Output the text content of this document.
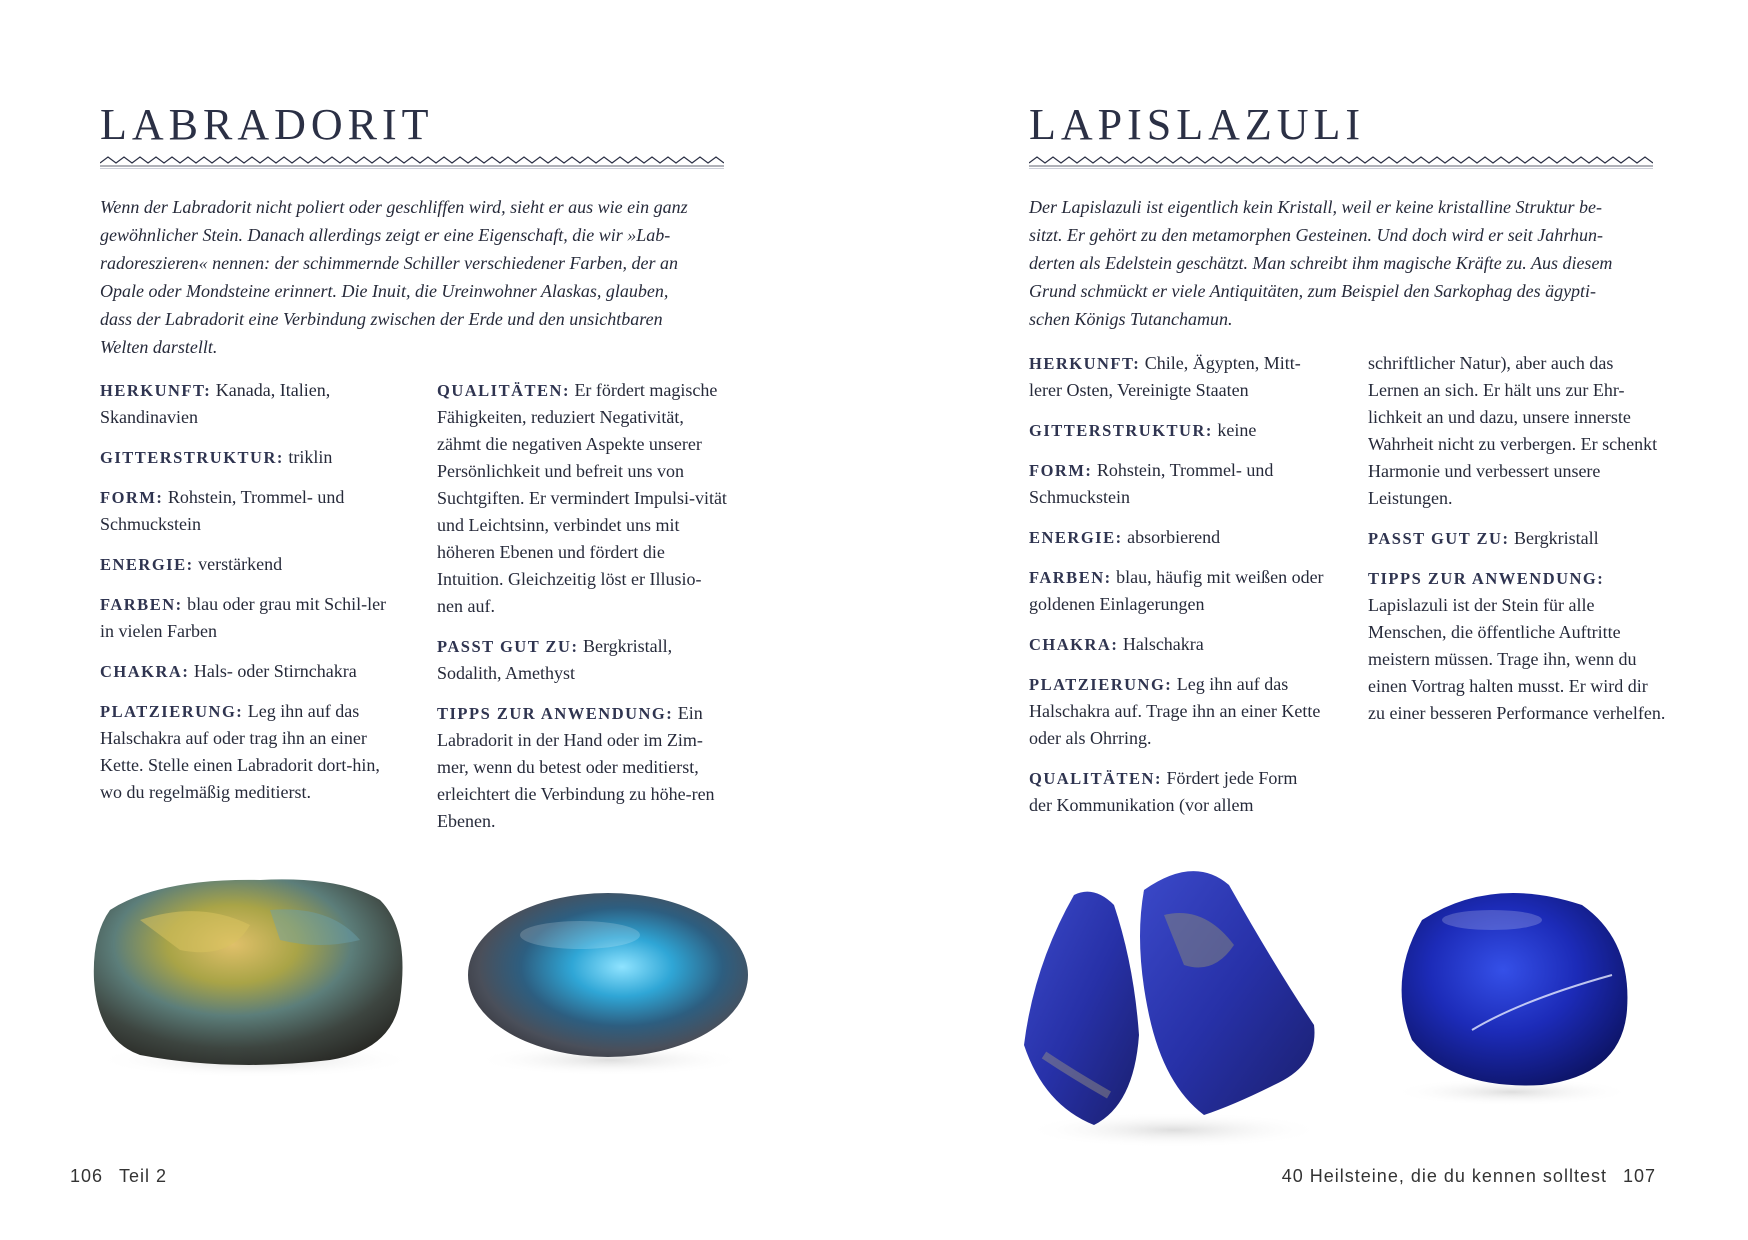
LABRADORIT
Wenn der Labradorit nicht poliert oder geschliffen wird, sieht er aus wie ein ganz
gewöhnlicher Stein. Danach allerdings zeigt er eine Eigenschaft, die wir »Lab-
radoreszieren« nennen: der schimmernde Schiller verschiedener Farben, der an
Opale oder Mondsteine erinnert. Die Inuit, die Ureinwohner Alaskas, glauben,
dass der Labradorit eine Verbindung zwischen der Erde und den unsichtbaren
Welten darstellt.

HERKUNFT: Kanada, Italien, Skandinavien

GITTERSTRUKTUR: triklin

FORM: Rohstein, Trommel- und Schmuckstein

ENERGIE: verstärkend

FARBEN: blau oder grau mit Schil-ler in vielen Farben

CHAKRA: Hals- oder Stirnchakra

PLATZIERUNG: Leg ihn auf das Halschakra auf oder trag ihn an einer Kette. Stelle einen Labradorit dort-hin, wo du regelmäßig meditierst.

QUALITÄTEN: Er fördert magische Fähigkeiten, reduziert Negativität, zähmt die negativen Aspekte unserer Persönlichkeit und befreit uns von Suchtgiften. Er vermindert Impulsi-vität und Leichtsinn, verbindet uns mit höheren Ebenen und fördert die Intuition. Gleichzeitig löst er Illusio-nen auf.

PASST GUT ZU: Bergkristall, Sodalith, Amethyst

TIPPS ZUR ANWENDUNG: Ein Labradorit in der Hand oder im Zim-mer, wenn du betest oder meditierst, erleichtert die Verbindung zu höhe-ren Ebenen.

106 Teil 2
LAPISLAZULI
Der Lapislazuli ist eigentlich kein Kristall, weil er keine kristalline Struktur be-
sitzt. Er gehört zu den metamorphen Gesteinen. Und doch wird er seit Jahrhun-
derten als Edelstein geschätzt. Man schreibt ihm magische Kräfte zu. Aus diesem
Grund schmückt er viele Antiquitäten, zum Beispiel den Sarkophag des ägypti-
schen Königs Tutanchamun.

HERKUNFT: Chile, Ägypten, Mitt-lerer Osten, Vereinigte Staaten

GITTERSTRUKTUR: keine

FORM: Rohstein, Trommel- und Schmuckstein

ENERGIE: absorbierend

FARBEN: blau, häufig mit weißen oder goldenen Einlagerungen

CHAKRA: Halschakra

PLATZIERUNG: Leg ihn auf das Halschakra auf. Trage ihn an einer Kette oder als Ohrring.

QUALITÄTEN: Fördert jede Form der Kommunikation (vor allem

schriftlicher Natur), aber auch das Lernen an sich. Er hält uns zur Ehr-lichkeit an und dazu, unsere innerste Wahrheit nicht zu verbergen. Er schenkt Harmonie und verbessert unsere Leistungen.

PASST GUT ZU: Bergkristall

TIPPS ZUR ANWENDUNG: Lapislazuli ist der Stein für alle Menschen, die öffentliche Auftritte meistern müssen. Trage ihn, wenn du einen Vortrag halten musst. Er wird dir zu einer besseren Performance verhelfen.

40 Heilsteine, die du kennen solltest 107
